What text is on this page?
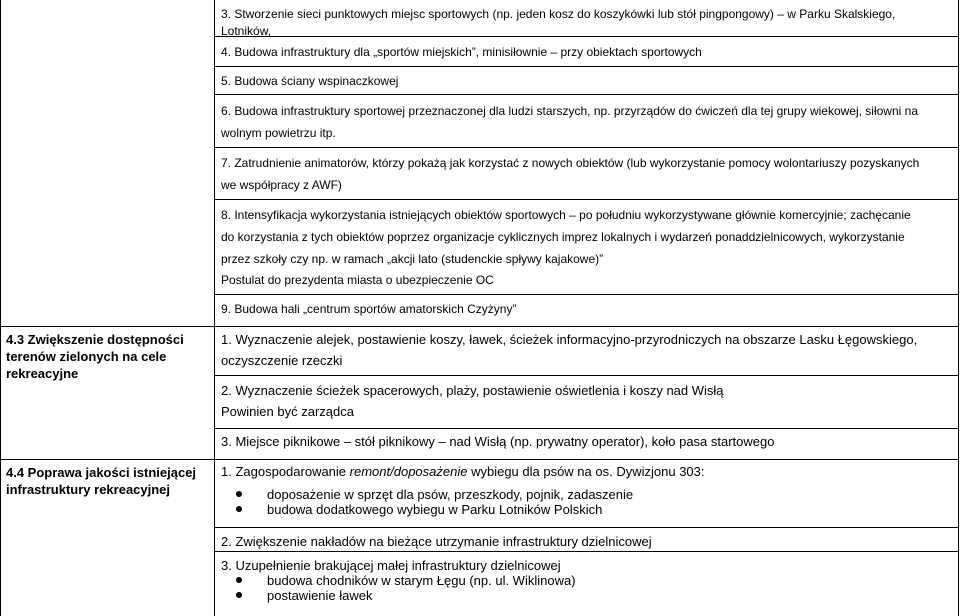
3. Stworzenie sieci punktowych miejsc sportowych (np. jeden kosz do koszykówki lub stół pingpongowy) – w Parku Skalskiego,
Lotników,
4. Budowa infrastruktury dla „sportów miejskich”, minisiłownie – przy obiektach sportowych
5. Budowa ściany wspinaczkowej
6. Budowa infrastruktury sportowej przeznaczonej dla ludzi starszych, np. przyrządów do ćwiczeń dla tej grupy wiekowej, siłowni na
wolnym powietrzu itp.
7. Zatrudnienie animatorów, którzy pokażą jak korzystać z nowych obiektów (lub wykorzystanie pomocy wolontariuszy pozyskanych
we współpracy z AWF)
8. Intensyfikacja wykorzystania istniejących obiektów sportowych – po południu wykorzystywane głównie komercyjnie; zachęcanie
do korzystania z tych obiektów poprzez organizacje cyklicznych imprez lokalnych i wydarzeń ponaddzielnicowych, wykorzystanie
przez szkoły czy np. w ramach „akcji lato (studenckie spływy kajakowe)”
Postulat do prezydenta miasta o ubezpieczenie OC
9. Budowa hali „centrum sportów amatorskich Czyżyny”
4.3 Zwiększenie dostępności terenów zielonych na cele rekreacyjne
1. Wyznaczenie alejek, postawienie koszy, ławek, ścieżek informacyjno-przyrodniczych na obszarze Lasku Łęgowskiego,
oczyszczenie rzeczki
2. Wyznaczenie ścieżek spacerowych, plaży, postawienie oświetlenia i koszy nad Wisłą
Powinien być zarządca
3. Miejsce piknikowe – stół piknikowy – nad Wisłą (np. prywatny operator), koło pasa startowego
4.4 Poprawa jakości istniejącej infrastruktury rekreacyjnej
1. Zagospodarowanie remont/doposażenie wybiegu dla psów na os. Dywizjonu 303:
doposażenie w sprzęt dla psów, przeszkody, pojnik, zadaszenie
budowa dodatkowego wybiegu w Parku Lotników Polskich
2. Zwiększenie nakładów na bieżące utrzymanie infrastruktury dzielnicowej
3. Uzupełnienie brakującej małej infrastruktury dzielnicowej
budowa chodników w starym Łęgu (np. ul. Wiklinowa)
postawienie ławek
